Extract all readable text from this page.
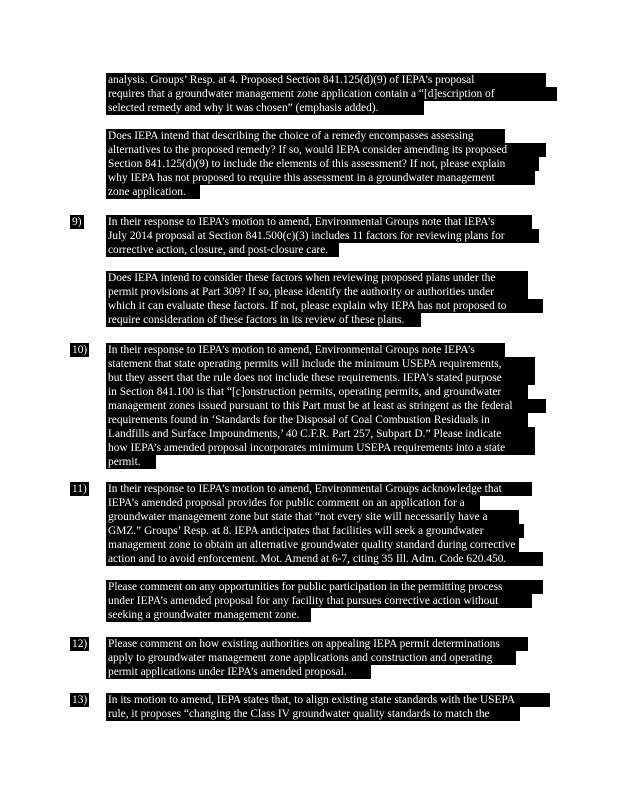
analysis. Groups’ Resp. at 4. Proposed Section 841.125(d)(9) of IEPA’s proposal
requires that a groundwater management zone application contain a “[d]escription of
selected remedy and why it was chosen” (emphasis added).
Does IEPA intend that describing the choice of a remedy encompasses assessing
alternatives to the proposed remedy? If so, would IEPA consider amending its proposed
Section 841.125(d)(9) to include the elements of this assessment? If not, please explain
why IEPA has not proposed to require this assessment in a groundwater management
zone application.
9) In their response to IEPA’s motion to amend, Environmental Groups note that IEPA’s
July 2014 proposal at Section 841.500(c)(3) includes 11 factors for reviewing plans for
corrective action, closure, and post-closure care.
Does IEPA intend to consider these factors when reviewing proposed plans under the
permit provisions at Part 309? If so, please identify the authority or authorities under
which it can evaluate these factors. If not, please explain why IEPA has not proposed to
require consideration of these factors in its review of these plans.
10) In their response to IEPA’s motion to amend, Environmental Groups note IEPA’s
statement that state operating permits will include the minimum USEPA requirements,
but they assert that the rule does not include these requirements. IEPA’s stated purpose
in Section 841.100 is that “[c]onstruction permits, operating permits, and groundwater
management zones issued pursuant to this Part must be at least as stringent as the federal
requirements found in ‘Standards for the Disposal of Coal Combustion Residuals in
Landfills and Surface Impoundments,’ 40 C.F.R. Part 257, Subpart D.” Please indicate
how IEPA’s amended proposal incorporates minimum USEPA requirements into a state
permit.
11) In their response to IEPA’s motion to amend, Environmental Groups acknowledge that
IEPA’s amended proposal provides for public comment on an application for a
groundwater management zone but state that “not every site will necessarily have a
GMZ.” Groups’ Resp. at 8. IEPA anticipates that facilities will seek a groundwater
management zone to obtain an alternative groundwater quality standard during corrective
action and to avoid enforcement. Mot. Amend at 6-7, citing 35 Ill. Adm. Code 620.450.
Please comment on any opportunities for public participation in the permitting process
under IEPA’s amended proposal for any facility that pursues corrective action without
seeking a groundwater management zone.
12) Please comment on how existing authorities on appealing IEPA permit determinations
apply to groundwater management zone applications and construction and operating
permit applications under IEPA’s amended proposal.
13) In its motion to amend, IEPA states that, to align existing state standards with the USEPA
rule, it proposes “changing the Class IV groundwater quality standards to match the
